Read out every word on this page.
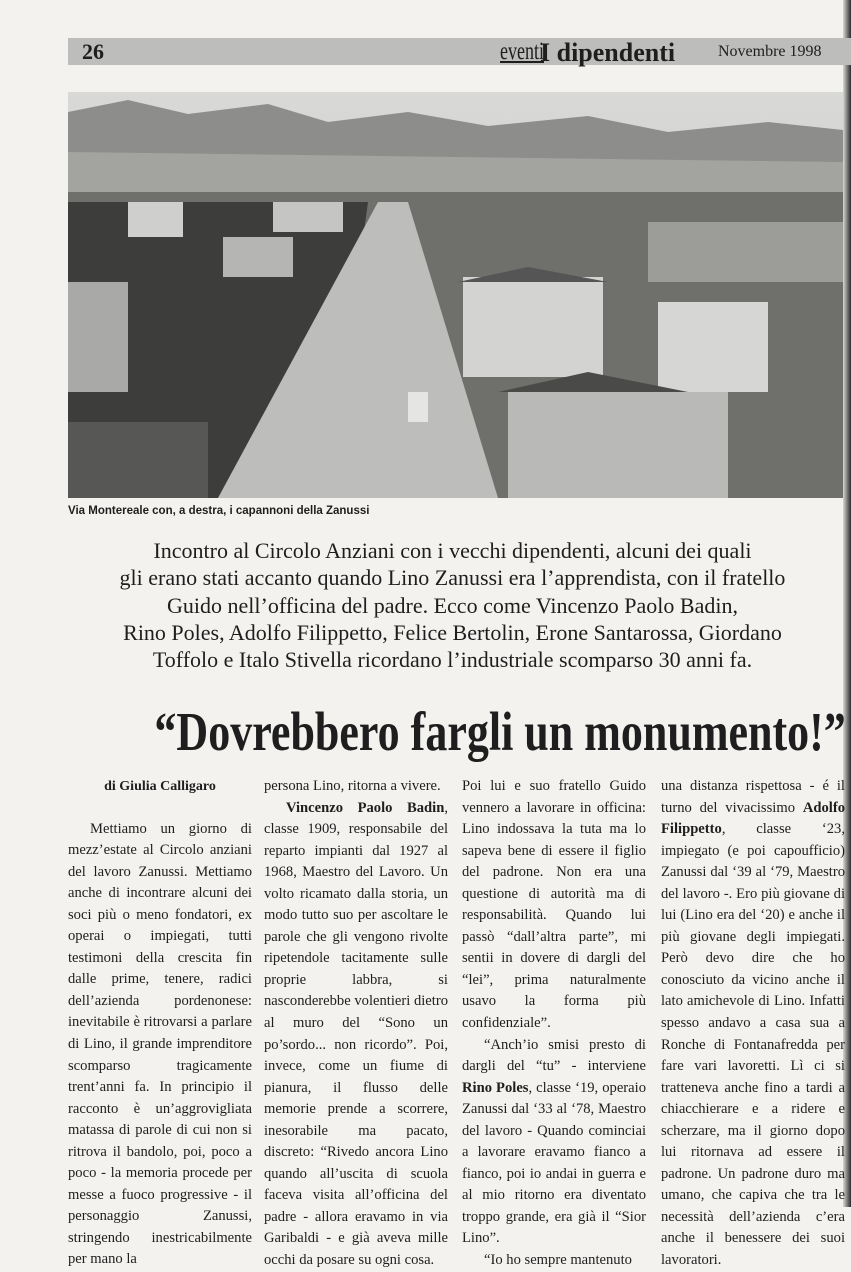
26	eventi
I dipendenti	Novembre 1998
Via Montereale con, a destra, i capannoni della Zanussi
Incontro al Circolo Anziani con i vecchi dipendenti, alcuni dei quali
gli erano stati accanto quando Lino Zanussi era l’apprendista, con il fratello
Guido nell’officina del padre. Ecco come Vincenzo Paolo Badin,
Rino Poles, Adolfo Filippetto, Felice Bertolin, Erone Santarossa, Giordano
Toffolo e Italo Stivella ricordano l’industriale scomparso 30 anni fa.
“Dovrebbero fargli un monumento!”

di Giulia Calligaro

Mettiamo un giorno di mezz’estate al Circolo anziani del lavoro Zanussi. Mettiamo anche di incontrare alcuni dei soci più o meno fondatori, ex operai o impiegati, tutti testimoni della crescita fin dalle prime, tenere, radici dell’azienda pordenonese: inevitabile è ritrovarsi a parlare di Lino, il grande imprenditore scomparso tragicamente trent’anni fa. In principio il racconto è un’aggrovigliata matassa di parole di cui non si ritrova il bandolo, poi, poco a poco - la memoria procede per messe a fuoco progressive - il personaggio Zanussi, stringendo inestricabilmente per mano la

persona Lino, ritorna a vivere.

Vincenzo Paolo Badin, classe 1909, responsabile del reparto impianti dal 1927 al 1968, Maestro del Lavoro. Un volto ricamato dalla storia, un modo tutto suo per ascoltare le parole che gli vengono rivolte ripetendole tacitamente sulle proprie labbra, si nasconderebbe volentieri dietro al muro del “Sono un po’sordo... non ricordo”. Poi, invece, come un fiume di pianura, il flusso delle memorie prende a scorrere, inesorabile ma pacato, discreto: “Rivedo ancora Lino quando all’uscita di scuola faceva visita all’officina del padre - allora eravamo in via Garibaldi - e già aveva mille occhi da posare su ogni cosa.

Poi lui e suo fratello Guido vennero a lavorare in officina: Lino indossava la tuta ma lo sapeva bene di essere il figlio del padrone. Non era una questione di autorità ma di responsabilità. Quando lui passò “dall’altra parte”, mi sentii in dovere di dargli del “lei”, prima naturalmente usavo la forma più confidenziale”.

“Anch’io smisi presto di dargli del “tu” - interviene Rino Poles, classe ‘19, operaio Zanussi dal ‘33 al ‘78, Maestro del lavoro - Quando cominciai a lavorare eravamo fianco a fianco, poi io andai in guerra e al mio ritorno era diventato troppo grande, era già il “Sior Lino”.

“Io ho sempre mantenuto

una distanza rispettosa - é il turno del vivacissimo Adolfo Filippetto, classe ‘23, impiegato (e poi capoufficio) Zanussi dal ‘39 al ‘79, Maestro del lavoro -. Ero più giovane di lui (Lino era del ‘20) e anche il più giovane degli impiegati. Però devo dire che ho conosciuto da vicino anche il lato amichevole di Lino. Infatti spesso andavo a casa sua a Ronche di Fontanafredda per fare vari lavoretti. Lì ci si tratteneva anche fino a tardi a chiacchierare e a ridere e scherzare, ma il giorno dopo lui ritornava ad essere il padrone. Un padrone duro ma umano, che capiva che tra le necessità dell’azienda c’era anche il benessere dei suoi lavoratori.
